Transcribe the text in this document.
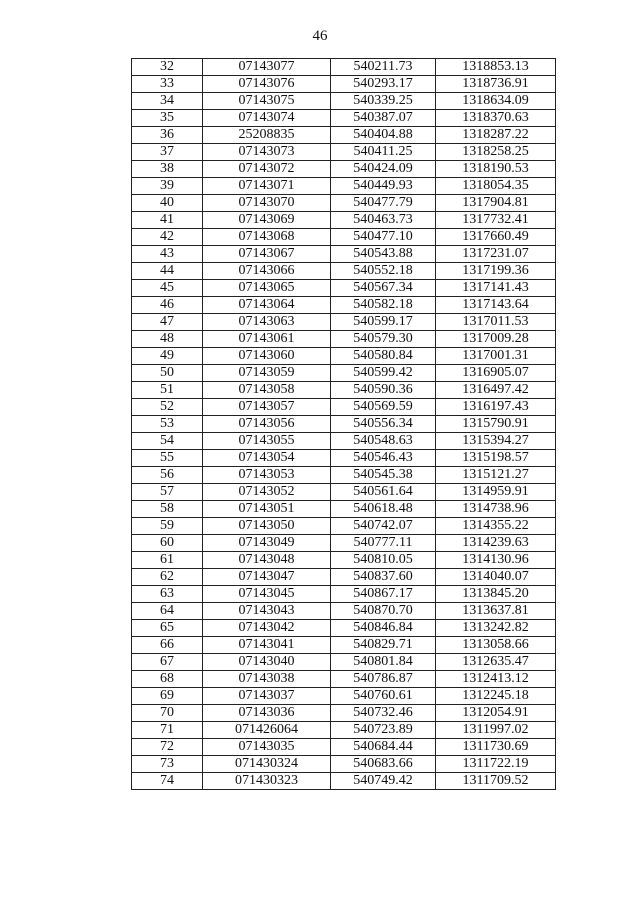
46
32	07143077	540211.73	1318853.13
33	07143076	540293.17	1318736.91
34	07143075	540339.25	1318634.09
35	07143074	540387.07	1318370.63
36	25208835	540404.88	1318287.22
37	07143073	540411.25	1318258.25
38	07143072	540424.09	1318190.53
39	07143071	540449.93	1318054.35
40	07143070	540477.79	1317904.81
41	07143069	540463.73	1317732.41
42	07143068	540477.10	1317660.49
43	07143067	540543.88	1317231.07
44	07143066	540552.18	1317199.36
45	07143065	540567.34	1317141.43
46	07143064	540582.18	1317143.64
47	07143063	540599.17	1317011.53
48	07143061	540579.30	1317009.28
49	07143060	540580.84	1317001.31
50	07143059	540599.42	1316905.07
51	07143058	540590.36	1316497.42
52	07143057	540569.59	1316197.43
53	07143056	540556.34	1315790.91
54	07143055	540548.63	1315394.27
55	07143054	540546.43	1315198.57
56	07143053	540545.38	1315121.27
57	07143052	540561.64	1314959.91
58	07143051	540618.48	1314738.96
59	07143050	540742.07	1314355.22
60	07143049	540777.11	1314239.63
61	07143048	540810.05	1314130.96
62	07143047	540837.60	1314040.07
63	07143045	540867.17	1313845.20
64	07143043	540870.70	1313637.81
65	07143042	540846.84	1313242.82
66	07143041	540829.71	1313058.66
67	07143040	540801.84	1312635.47
68	07143038	540786.87	1312413.12
69	07143037	540760.61	1312245.18
70	07143036	540732.46	1312054.91
71	071426064	540723.89	1311997.02
72	07143035	540684.44	1311730.69
73	071430324	540683.66	1311722.19
74	071430323	540749.42	1311709.52
